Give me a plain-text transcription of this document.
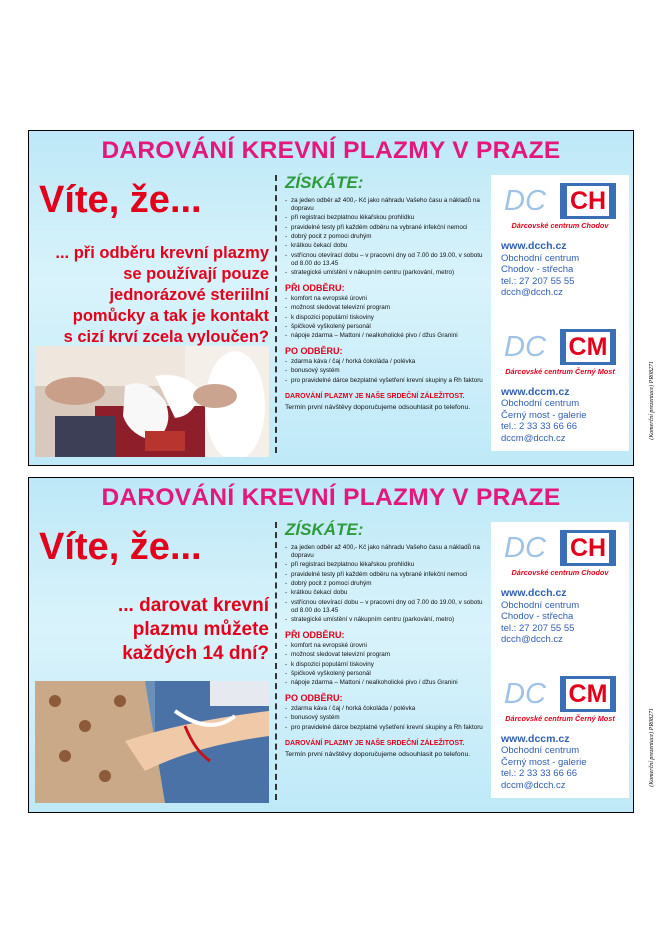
DAROVÁNÍ KREVNÍ PLAZMY V PRAZE
Víte, že...
... při odběru krevní plazmy
se používají pouze
jednorázové steriilní
pomůcky a tak je kontakt
s cizí krví zcela vyloučen?
ZÍSKÁTE:
- za jeden odběr až 400,- Kč jako náhradu Vašeho času a nákladů na dopravu
- při registraci bezplatnou lékařskou prohlídku
- pravidelné testy při každém odběru na vybrané infekční nemoci
- dobrý pocit z pomoci druhým
- krátkou čekací dobu
- vstřícnou otevírací dobu – v pracovní dny od 7.00 do 19.00, v sobotu od 8.00 do 13.45
- strategické umístění v nákupním centru (parkování, metro)
PŘI ODBĚRU:
- komfort na evropské úrovni
- možnost sledovat televizní program
- k dispozici populární tiskoviny
- špičkově vyškolený personál
- nápoje zdarma – Mattoni / nealkoholické pivo / džus Granini
PO ODBĚRU:
- zdarma káva / čaj / horká čokoláda / polévka
- bonusový systém
- pro pravidelné dárce bezplatné vyšetření krevní skupiny a Rh faktoru
DAROVÁNÍ PLAZMY JE NAŠE SRDEČNÍ ZÁLEŽITOST.
Termín první návštěvy doporučujeme odsouhlasit po telefonu.
DC CH
Dárcovské centrum Chodov
www.dcch.cz
Obchodní centrum
Chodov - střecha
tel.: 27 207 55 55
dcch@dcch.cz
DC CM
Dárcovské centrum Černý Most
www.dccm.cz
Obchodní centrum
Černý most - galerie
tel.: 2 33 33 66 66
dccm@dcch.cz	(Komerční prezentace) PR08271
DAROVÁNÍ KREVNÍ PLAZMY V PRAZE
Víte, že...
... darovat krevní
plazmu můžete
každých 14 dní?
ZÍSKÁTE:
- za jeden odběr až 400,- Kč jako náhradu Vašeho času a nákladů na dopravu
- při registraci bezplatnou lékařskou prohlídku
- pravidelné testy při každém odběru na vybrané infekční nemoci
- dobrý pocit z pomoci druhým
- krátkou čekací dobu
- vstřícnou otevírací dobu – v pracovní dny od 7.00 do 19.00, v sobotu od 8.00 do 13.45
- strategické umístění v nákupním centru (parkování, metro)
PŘI ODBĚRU:
- komfort na evropské úrovni
- možnost sledovat televizní program
- k dispozici populární tiskoviny
- špičkově vyškolený personál
- nápoje zdarma – Mattoni / nealkoholické pivo / džus Granini
PO ODBĚRU:
- zdarma káva / čaj / horká čokoláda / polévka
- bonusový systém
- pro pravidelné dárce bezplatné vyšetření krevní skupiny a Rh faktoru
DAROVÁNÍ PLAZMY JE NAŠE SRDEČNÍ ZÁLEŽITOST.
Termín první návštěvy doporučujeme odsouhlasit po telefonu.
DC CH
Dárcovské centrum Chodov
www.dcch.cz
Obchodní centrum
Chodov - střecha
tel.: 27 207 55 55
dcch@dcch.cz
DC CM
Dárcovské centrum Černý Most
www.dccm.cz
Obchodní centrum
Černý most - galerie
tel.: 2 33 33 66 66
dccm@dcch.cz	(Komerční prezentace) PR08271
